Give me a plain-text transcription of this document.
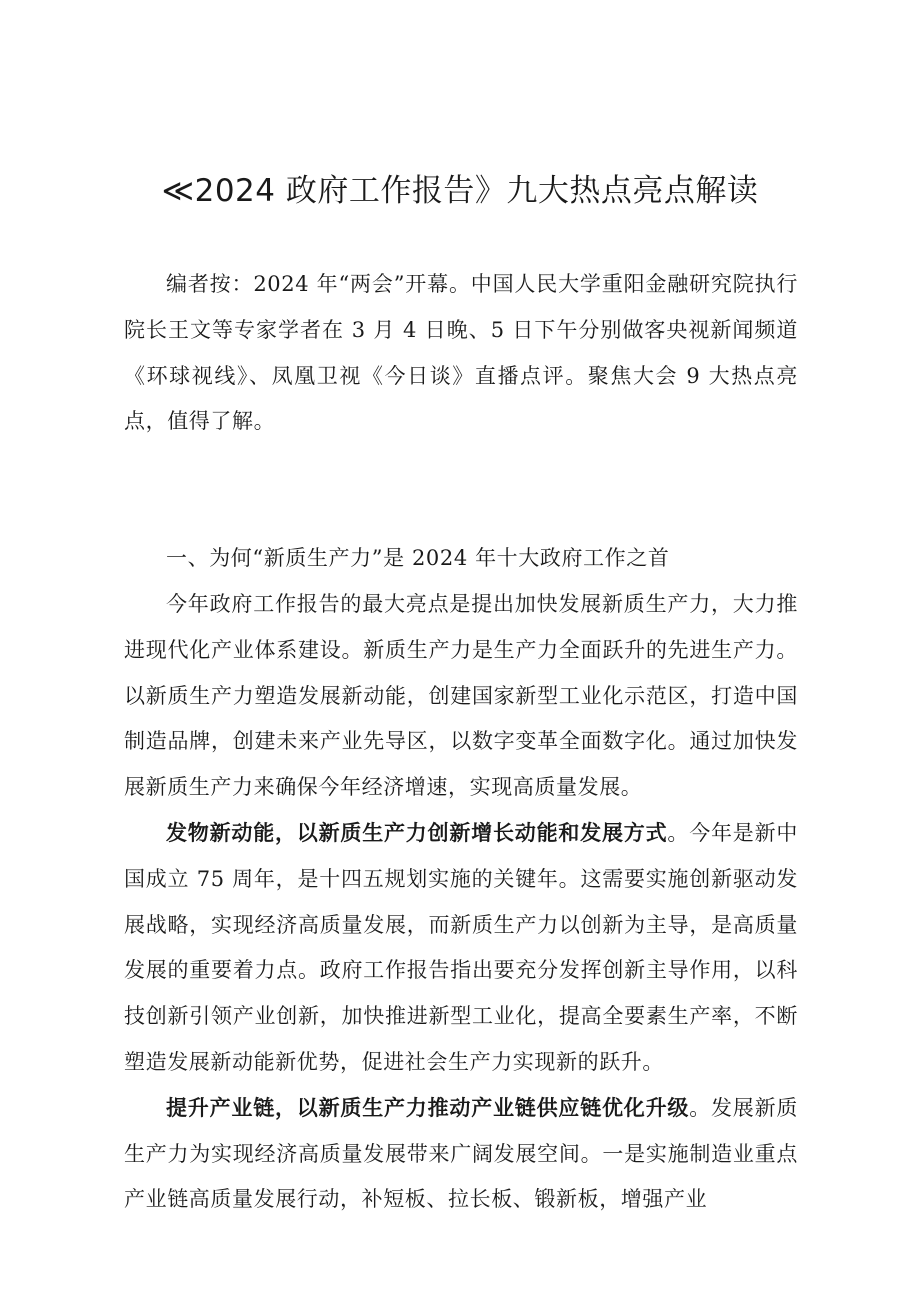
≪2024 政府工作报告》九大热点亮点解读

编者按：2024 年“两会”开幕。中国人民大学重阳金融研究院执行院长王文等专家学者在 3 月 4 日晚、5 日下午分别做客央视新闻频道《环球视线》、凤凰卫视《今日谈》直播点评。聚焦大会 9 大热点亮点，值得了解。

一、为何“新质生产力”是 2024 年十大政府工作之首

今年政府工作报告的最大亮点是提出加快发展新质生产力，大力推进现代化产业体系建设。新质生产力是生产力全面跃升的先进生产力。以新质生产力塑造发展新动能，创建国家新型工业化示范区，打造中国制造品牌，创建未来产业先导区，以数字变革全面数字化。通过加快发展新质生产力来确保今年经济增速，实现高质量发展。

发物新动能，以新质生产力创新增长动能和发展方式。今年是新中国成立 75 周年，是十四五规划实施的关键年。这需要实施创新驱动发展战略，实现经济高质量发展，而新质生产力以创新为主导，是高质量发展的重要着力点。政府工作报告指出要充分发挥创新主导作用，以科技创新引领产业创新，加快推进新型工业化，提高全要素生产率，不断塑造发展新动能新优势，促进社会生产力实现新的跃升。

提升产业链，以新质生产力推动产业链供应链优化升级。发展新质生产力为实现经济高质量发展带来广阔发展空间。一是实施制造业重点产业链高质量发展行动，补短板、拉长板、锻新板，增强产业
